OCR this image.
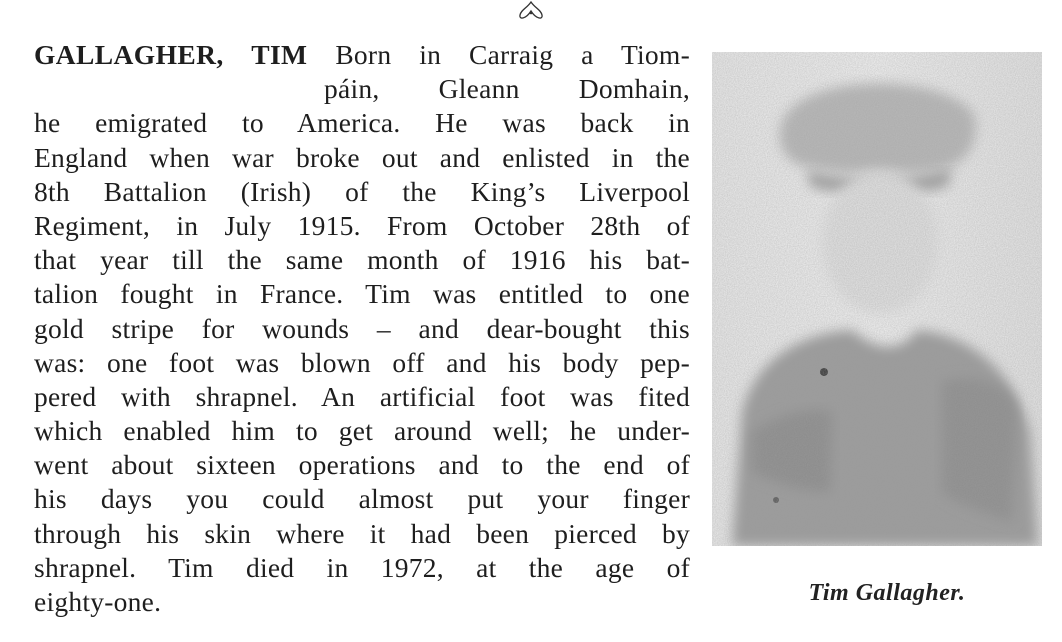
GALLAGHER, TIM Born in Carraig a Tiom-
páin, Gleann Domhain,
he emigrated to America. He was back in
England when war broke out and enlisted in the
8th Battalion (Irish) of the King’s Liverpool
Regiment, in July 1915. From October 28th of
that year till the same month of 1916 his bat-
talion fought in France. Tim was entitled to one
gold stripe for wounds – and dear-bought this
was: one foot was blown off and his body pep-
pered with shrapnel. An artificial foot was fited
which enabled him to get around well; he under-
went about sixteen operations and to the end of
his days you could almost put your finger
through his skin where it had been pierced by
shrapnel. Tim died in 1972, at the age of
eighty-one.	Tim Gallagher.
